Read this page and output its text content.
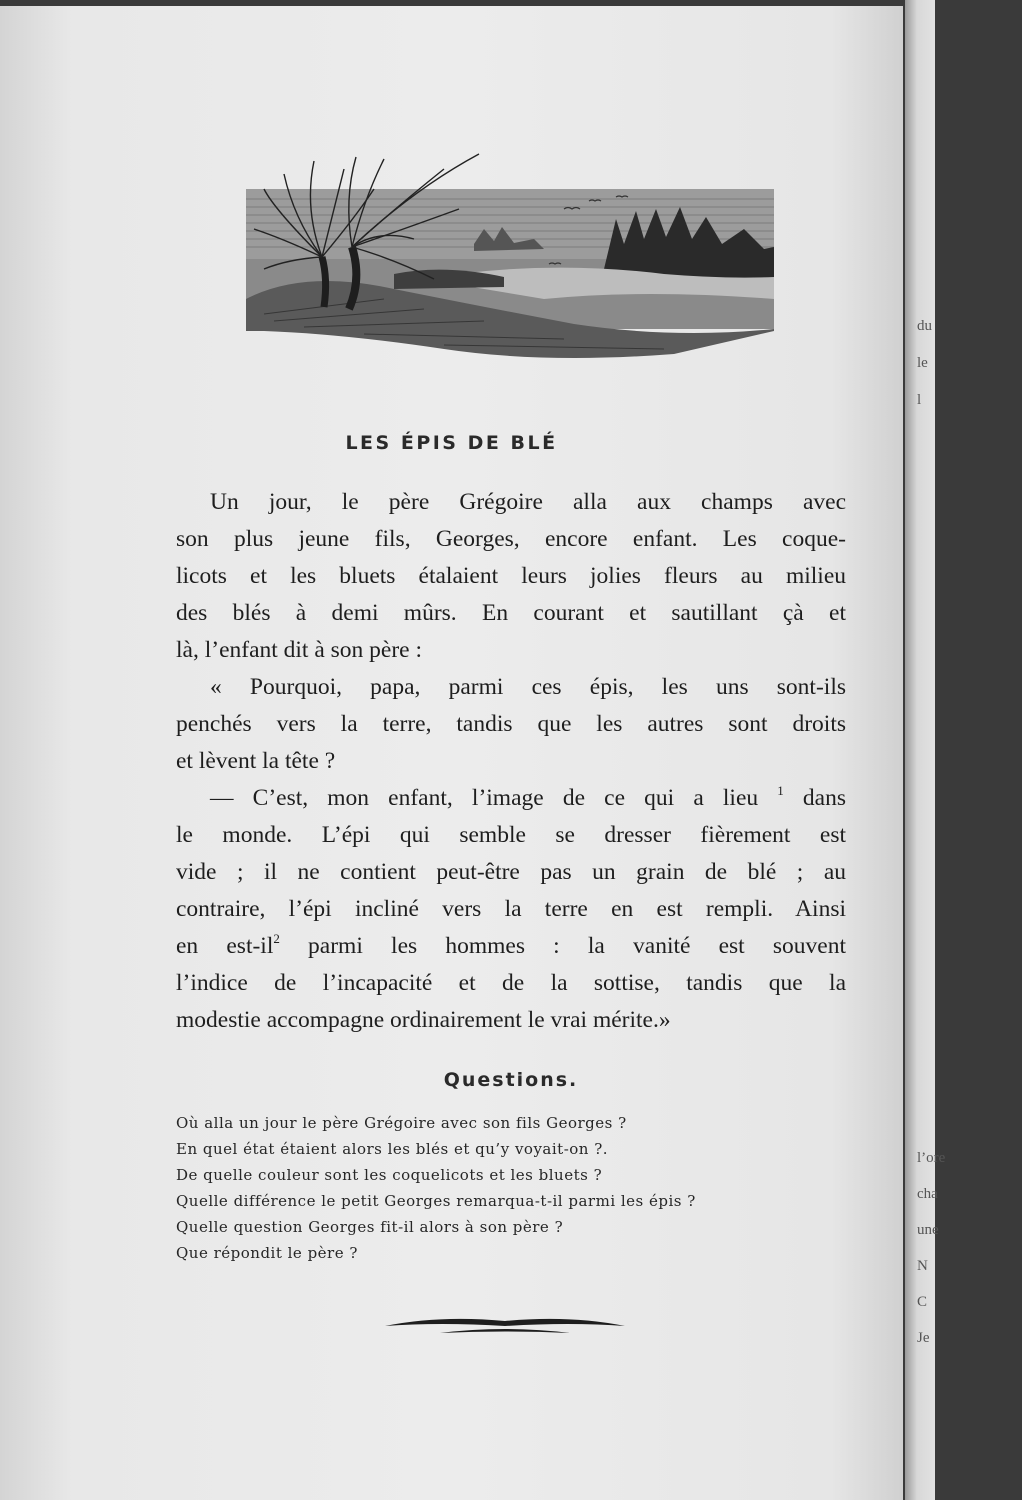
LES ÉPIS DE BLÉ
Un jour, le père Grégoire alla aux champs avec
son plus jeune fils, Georges, encore enfant. Les coque-
licots et les bluets étalaient leurs jolies fleurs au milieu
des blés à demi mûrs. En courant et sautillant çà et
là, l’enfant dit à son père :
« Pourquoi, papa, parmi ces épis, les uns sont-ils
penchés vers la terre, tandis que les autres sont droits
et lèvent la tête ?
— C’est, mon enfant, l’image de ce qui a lieu $^1$ dans
le monde. L’épi qui semble se dresser fièrement est
vide ; il ne contient peut-être pas un grain de blé ; au
contraire, l’épi incliné vers la terre en est rempli. Ainsi
en est-$il^2$ parmi les hommes : la vanité est souvent
l’indice de l’incapacité et de la sottise, tandis que la
modestie accompagne ordinairement le vrai mérite.»
Questions.
Où alla un jour le père Grégoire avec son fils Georges ?
En quel état étaient alors les blés et qu’y voyait-on ?.
De quelle couleur sont les coquelicots et les bluets ?
Quelle différence le petit Georges remarqua-t-il parmi les épis ?
Quelle question Georges fit-il alors à son père ?
Que répondit le père ?
du
le
l
l’ore
cha
une
N
C
Je
